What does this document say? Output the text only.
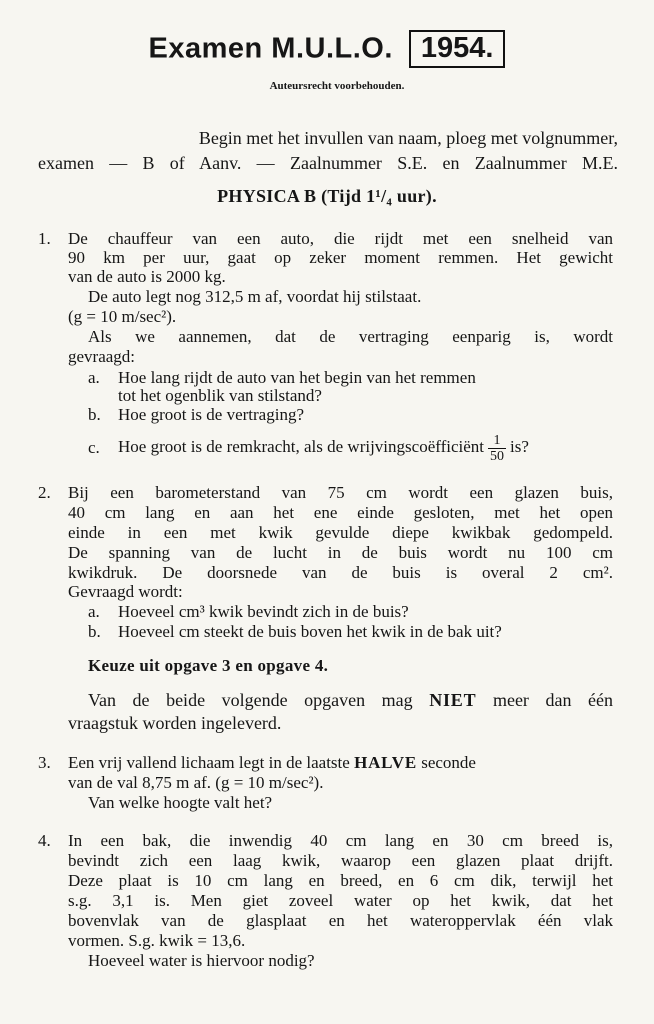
Examen M.U.L.O. 1954.
Auteursrecht voorbehouden.
Begin met het invullen van naam, ploeg met volgnummer,
examen — B of Aanv. — Zaalnummer S.E. en Zaalnummer M.E.
PHYSICA B (Tijd 1¹/₄ uur).
1. De chauffeur van een auto, die rijdt met een snelheid van
90 km per uur, gaat op zeker moment remmen. Het gewicht
van de auto is 2000 kg.
De auto legt nog 312,5 m af, voordat hij stilstaat.
(g = 10 m/sec²).
Als we aannemen, dat de vertraging eenparig is, wordt
gevraagd:
a. Hoe lang rijdt de auto van het begin van het remmen
tot het ogenblik van stilstand?
b. Hoe groot is de vertraging?
c. Hoe groot is de remkracht, als de wrijvingscoëfficiënt $\frac{1}{50}$ is?
2. Bij een barometerstand van 75 cm wordt een glazen buis,
40 cm lang en aan het ene einde gesloten, met het open
einde in een met kwik gevulde diepe kwikbak gedompeld.
De spanning van de lucht in de buis wordt nu 100 cm
kwikdruk. De doorsnede van de buis is overal 2 cm².
Gevraagd wordt:
a. Hoeveel cm³ kwik bevindt zich in de buis?
b. Hoeveel cm steekt de buis boven het kwik in de bak uit?
Keuze uit opgave 3 en opgave 4.
Van de beide volgende opgaven mag NIET meer dan één
vraagstuk worden ingeleverd.
3. Een vrij vallend lichaam legt in de laatste HALVE seconde
van de val 8,75 m af. (g = 10 m/sec²).
Van welke hoogte valt het?
4. In een bak, die inwendig 40 cm lang en 30 cm breed is,
bevindt zich een laag kwik, waarop een glazen plaat drijft.
Deze plaat is 10 cm lang en breed, en 6 cm dik, terwijl het
s.g. 3,1 is. Men giet zoveel water op het kwik, dat het
bovenvlak van de glasplaat en het wateroppervlak één vlak
vormen. S.g. kwik = 13,6.
Hoeveel water is hiervoor nodig?
